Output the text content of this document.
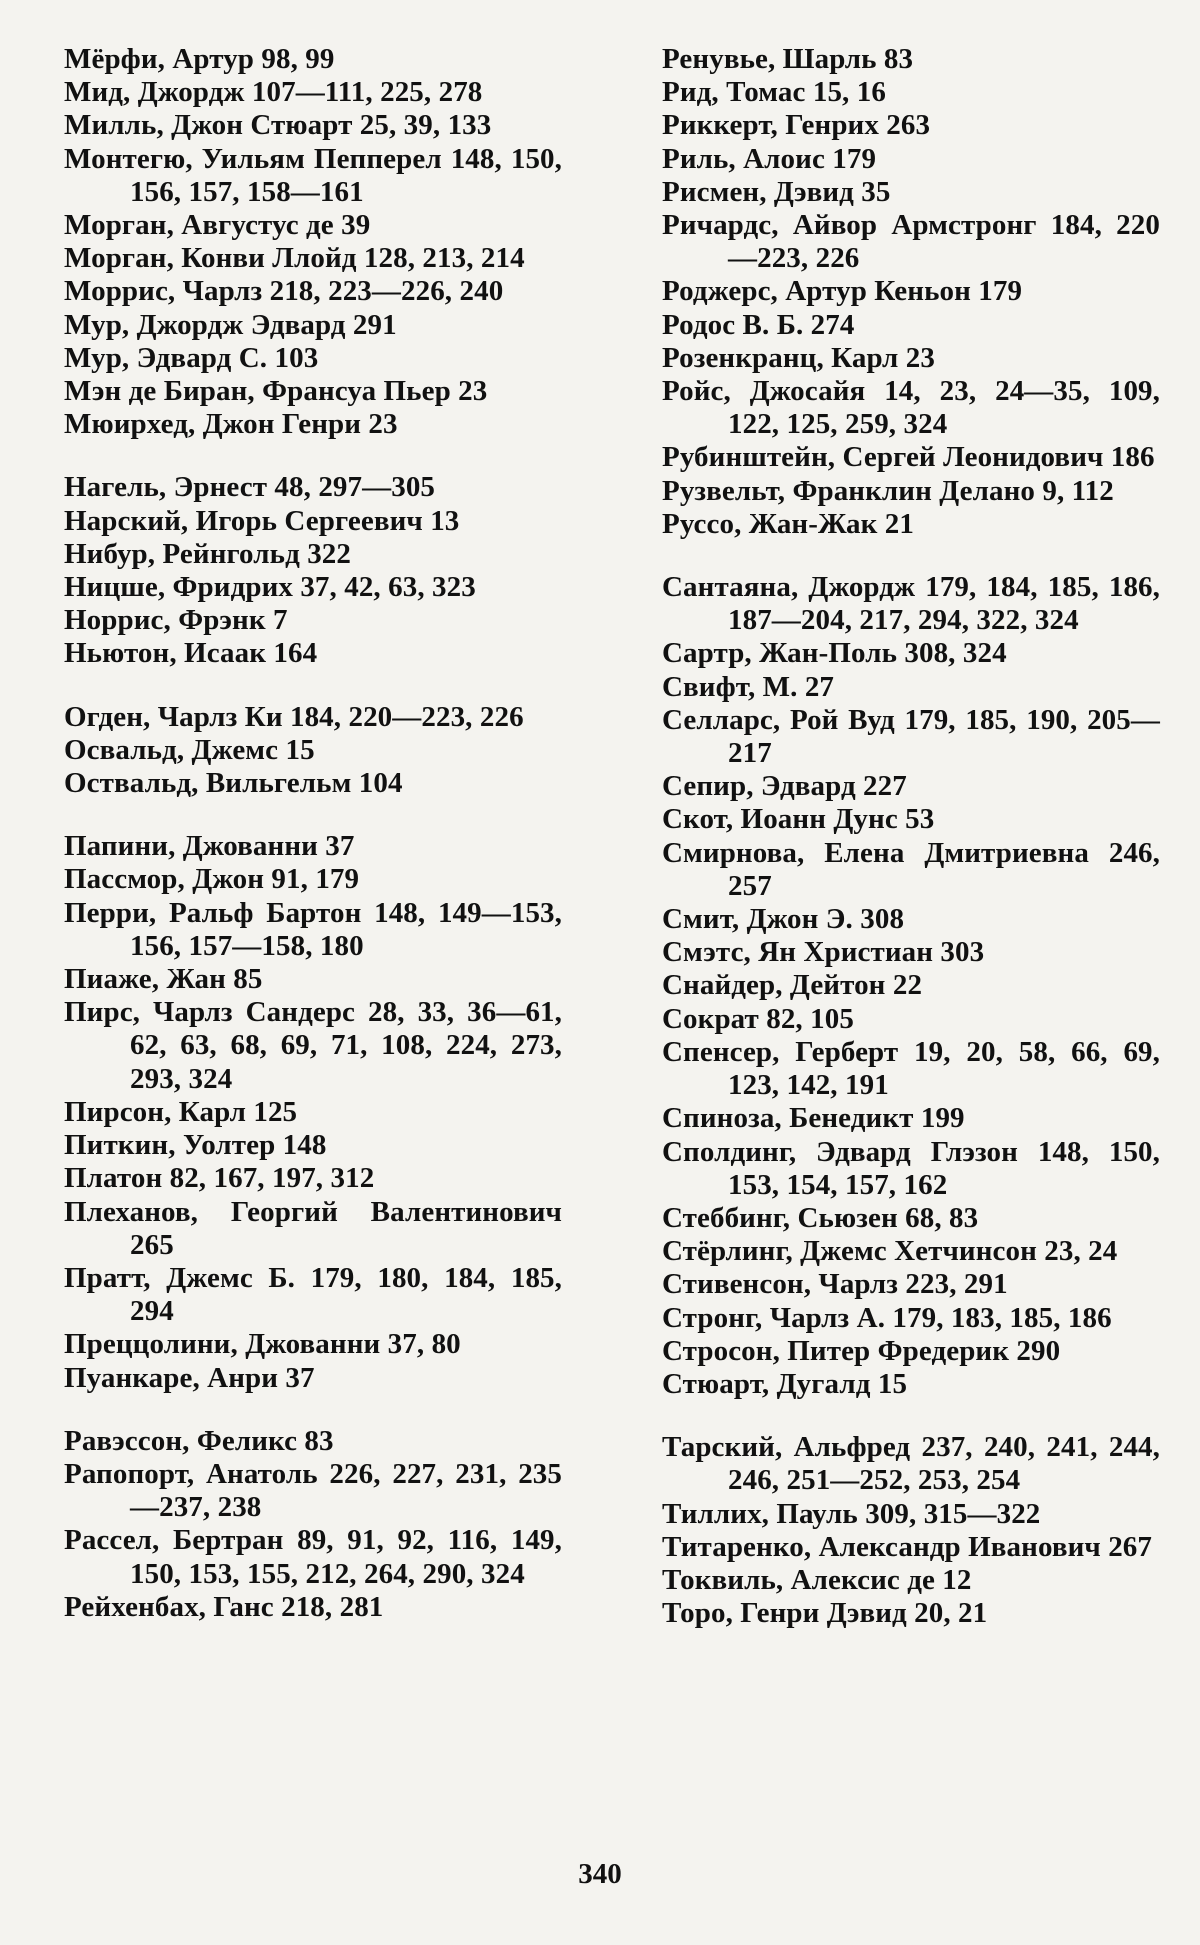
Мёрфи, Артур 98, 99

Мид, Джордж 107—111, 225, 278

Милль, Джон Стюарт 25, 39, 133

Монтегю, Уильям Пепперел 148, 150, 156, 157, 158—161

Морган, Августус де 39

Морган, Конви Ллойд 128, 213, 214

Моррис, Чарлз 218, 223—226, 240

Мур, Джордж Эдвард 291

Мур, Эдвард С. 103

Мэн де Биран, Франсуа Пьер 23

Мюирхед, Джон Генри 23

Нагель, Эрнест 48, 297—305

Нарский, Игорь Сергеевич 13

Нибур, Рейнгольд 322

Ницше, Фридрих 37, 42, 63, 323

Норрис, Фрэнк 7

Ньютон, Исаак 164

Огден, Чарлз Ки 184, 220—223, 226

Освальд, Джемс 15

Оствальд, Вильгельм 104

Папини, Джованни 37

Пассмор, Джон 91, 179

Перри, Ральф Бартон 148, 149—153, 156, 157—158, 180

Пиаже, Жан 85

Пирс, Чарлз Сандерс 28, 33, 36—61, 62, 63, 68, 69, 71, 108, 224, 273, 293, 324

Пирсон, Карл 125

Питкин, Уолтер 148

Платон 82, 167, 197, 312

Плеханов, Георгий Валентинович 265

Пратт, Джемс Б. 179, 180, 184, 185, 294

Преццолини, Джованни 37, 80

Пуанкаре, Анри 37

Равэссон, Феликс 83

Рапопорт, Анатоль 226, 227, 231, 235—237, 238

Рассел, Бертран 89, 91, 92, 116, 149, 150, 153, 155, 212, 264, 290, 324

Рейхенбах, Ганс 218, 281

Ренувье, Шарль 83

Рид, Томас 15, 16

Риккерт, Генрих 263

Риль, Алоис 179

Рисмен, Дэвид 35

Ричардс, Айвор Армстронг 184, 220—223, 226

Роджерс, Артур Кеньон 179

Родос В. Б. 274

Розенкранц, Карл 23

Ройс, Джосайя 14, 23, 24—35, 109, 122, 125, 259, 324

Рубинштейн, Сергей Леонидович 186

Рузвельт, Франклин Делано 9, 112

Руссо, Жан-Жак 21

Сантаяна, Джордж 179, 184, 185, 186, 187—204, 217, 294, 322, 324

Сартр, Жан-Поль 308, 324

Свифт, М. 27

Селларс, Рой Вуд 179, 185, 190, 205—217

Сепир, Эдвард 227

Скот, Иоанн Дунс 53

Смирнова, Елена Дмитриевна 246, 257

Смит, Джон Э. 308

Смэтс, Ян Христиан 303

Снайдер, Дейтон 22

Сократ 82, 105

Спенсер, Герберт 19, 20, 58, 66, 69, 123, 142, 191

Спиноза, Бенедикт 199

Сполдинг, Эдвард Глэзон 148, 150, 153, 154, 157, 162

Стеббинг, Сьюзен 68, 83

Стёрлинг, Джемс Хетчинсон 23, 24

Стивенсон, Чарлз 223, 291

Стронг, Чарлз А. 179, 183, 185, 186

Стросон, Питер Фредерик 290

Стюарт, Дугалд 15

Тарский, Альфред 237, 240, 241, 244, 246, 251—252, 253, 254

Тиллих, Пауль 309, 315—322

Титаренко, Александр Иванович 267

Токвиль, Алексис де 12

Торо, Генри Дэвид 20, 21

340
